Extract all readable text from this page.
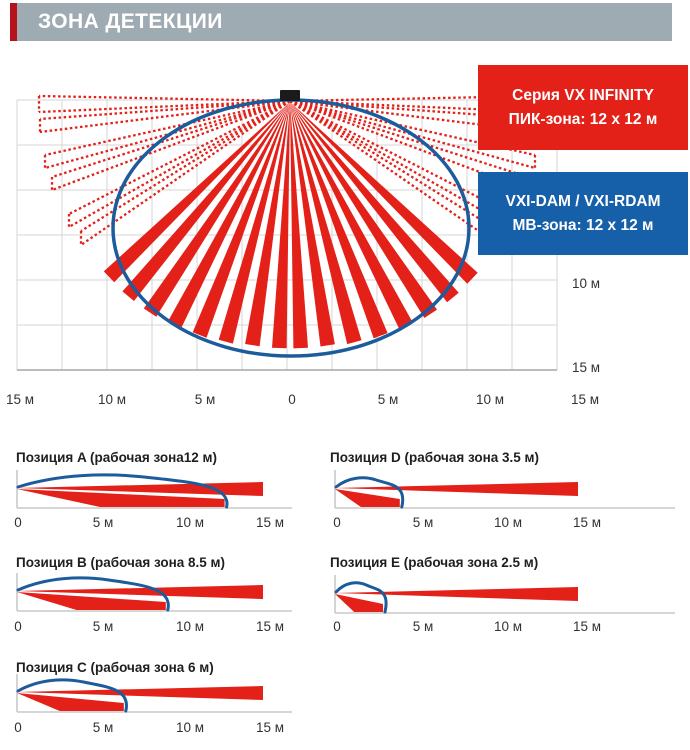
ЗОНА ДЕТЕКЦИИ
15 м	10 м	5 м	0	5 м	10 м	15 м
10 м
15 м
Серия VX INFINITY
ПИК-зона: 12 х 12 м
VXI-DAM / VXI-RDAM
МВ-зона: 12 х 12 м
Позиция A (рабочая зона12 м)
0	5 м	10 м	15 м
Позиция D (рабочая зона 3.5 м)
0	5 м	10 м	15 м
Позиция B (рабочая зона 8.5 м)
0	5 м	10 м	15 м
Позиция E (рабочая зона 2.5 м)
0	5 м	10 м	15 м
Позиция C (рабочая зона 6 м)
0	5 м	10 м	15 м
